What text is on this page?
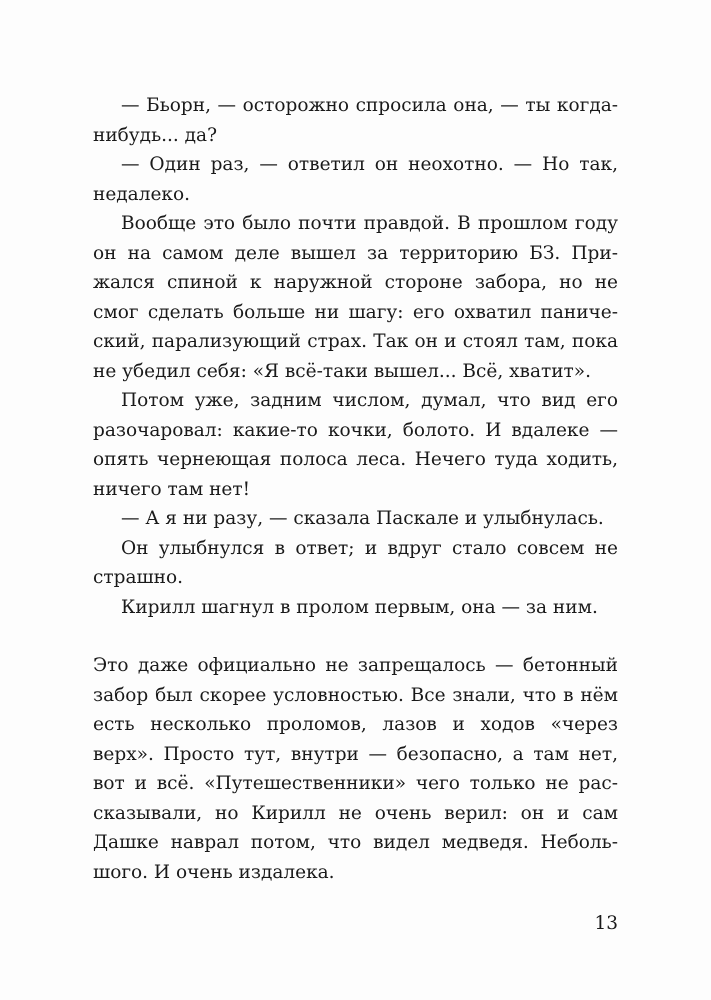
— Бьорн, — осторожно спросила она, — ты когда-нибудь... да?

— Один раз, — ответил он неохотно. — Но так, недалеко.

Вообще это было почти правдой. В прошлом году он на самом деле вышел за территорию БЗ. Прижался спиной к наружной стороне забора, но не смог сделать больше ни шагу: его охватил панический, парализующий страх. Так он и стоял там, пока не убедил себя: «Я всё-таки вышел... Всё, хватит».

Потом уже, задним числом, думал, что вид его разочаровал: какие-то кочки, болото. И вдалеке — опять чернеющая полоса леса. Нечего туда ходить, ничего там нет!

— А я ни разу, — сказала Паскале и улыбнулась.

Он улыбнулся в ответ; и вдруг стало совсем не страшно.

Кирилл шагнул в пролом первым, она — за ним.

Это даже официально не запрещалось — бетонный забор был скорее условностью. Все знали, что в нём есть несколько проломов, лазов и ходов «через верх». Просто тут, внутри — безопасно, а там нет, вот и всё. «Путешественники» чего только не рассказывали, но Кирилл не очень верил: он и сам Дашке наврал потом, что видел медведя. Небольшого. И очень издалека.

13
